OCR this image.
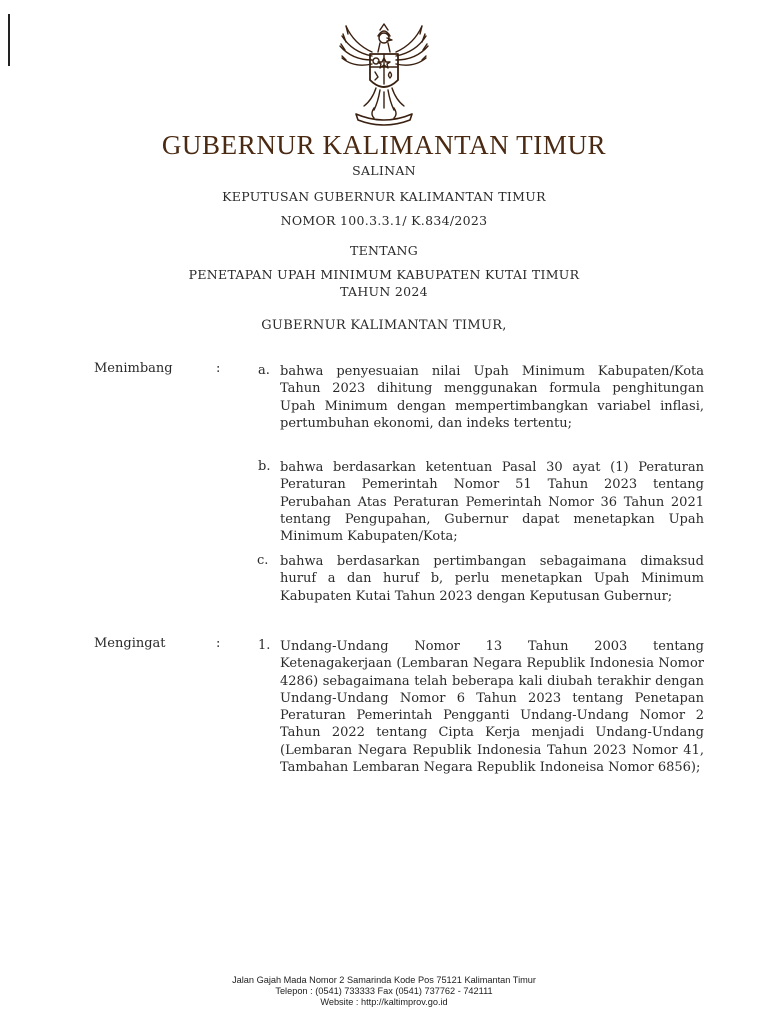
GUBERNUR KALIMANTAN TIMUR
SALINAN
KEPUTUSAN GUBERNUR KALIMANTAN TIMUR
NOMOR 100.3.3.1/ K.834/2023
TENTANG
PENETAPAN UPAH MINIMUM KABUPATEN KUTAI TIMUR
TAHUN 2024
GUBERNUR KALIMANTAN TIMUR,
Menimbang	:	a. bahwa penyesuaian nilai Upah Minimum Kabupaten/Kota Tahun 2023 dihitung menggunakan formula penghitungan Upah Minimum dengan mempertimbangkan variabel inflasi, pertumbuhan ekonomi, dan indeks tertentu;
b. bahwa berdasarkan ketentuan Pasal 30 ayat (1) Peraturan Peraturan Pemerintah Nomor 51 Tahun 2023 tentang Perubahan Atas Peraturan Pemerintah Nomor 36 Tahun 2021 tentang Pengupahan, Gubernur dapat menetapkan Upah Minimum Kabupaten/Kota;
c. bahwa berdasarkan pertimbangan sebagaimana dimaksud huruf a dan huruf b, perlu menetapkan Upah Minimum Kabupaten Kutai Tahun 2023 dengan Keputusan Gubernur;
Mengingat	:	1. Undang-Undang Nomor 13 Tahun 2003 tentang Ketenagakerjaan (Lembaran Negara Republik Indonesia Nomor 4286) sebagaimana telah beberapa kali diubah terakhir dengan Undang-Undang Nomor 6 Tahun 2023 tentang Penetapan Peraturan Pemerintah Pengganti Undang-Undang Nomor 2 Tahun 2022 tentang Cipta Kerja menjadi Undang-Undang (Lembaran Negara Republik Indonesia Tahun 2023 Nomor 41, Tambahan Lembaran Negara Republik Indoneisa Nomor 6856);
Jalan Gajah Mada Nomor 2 Samarinda Kode Pos 75121 Kalimantan Timur
Telepon : (0541) 733333 Fax (0541) 737762 - 742111
Website : http://kaltimprov.go.id
